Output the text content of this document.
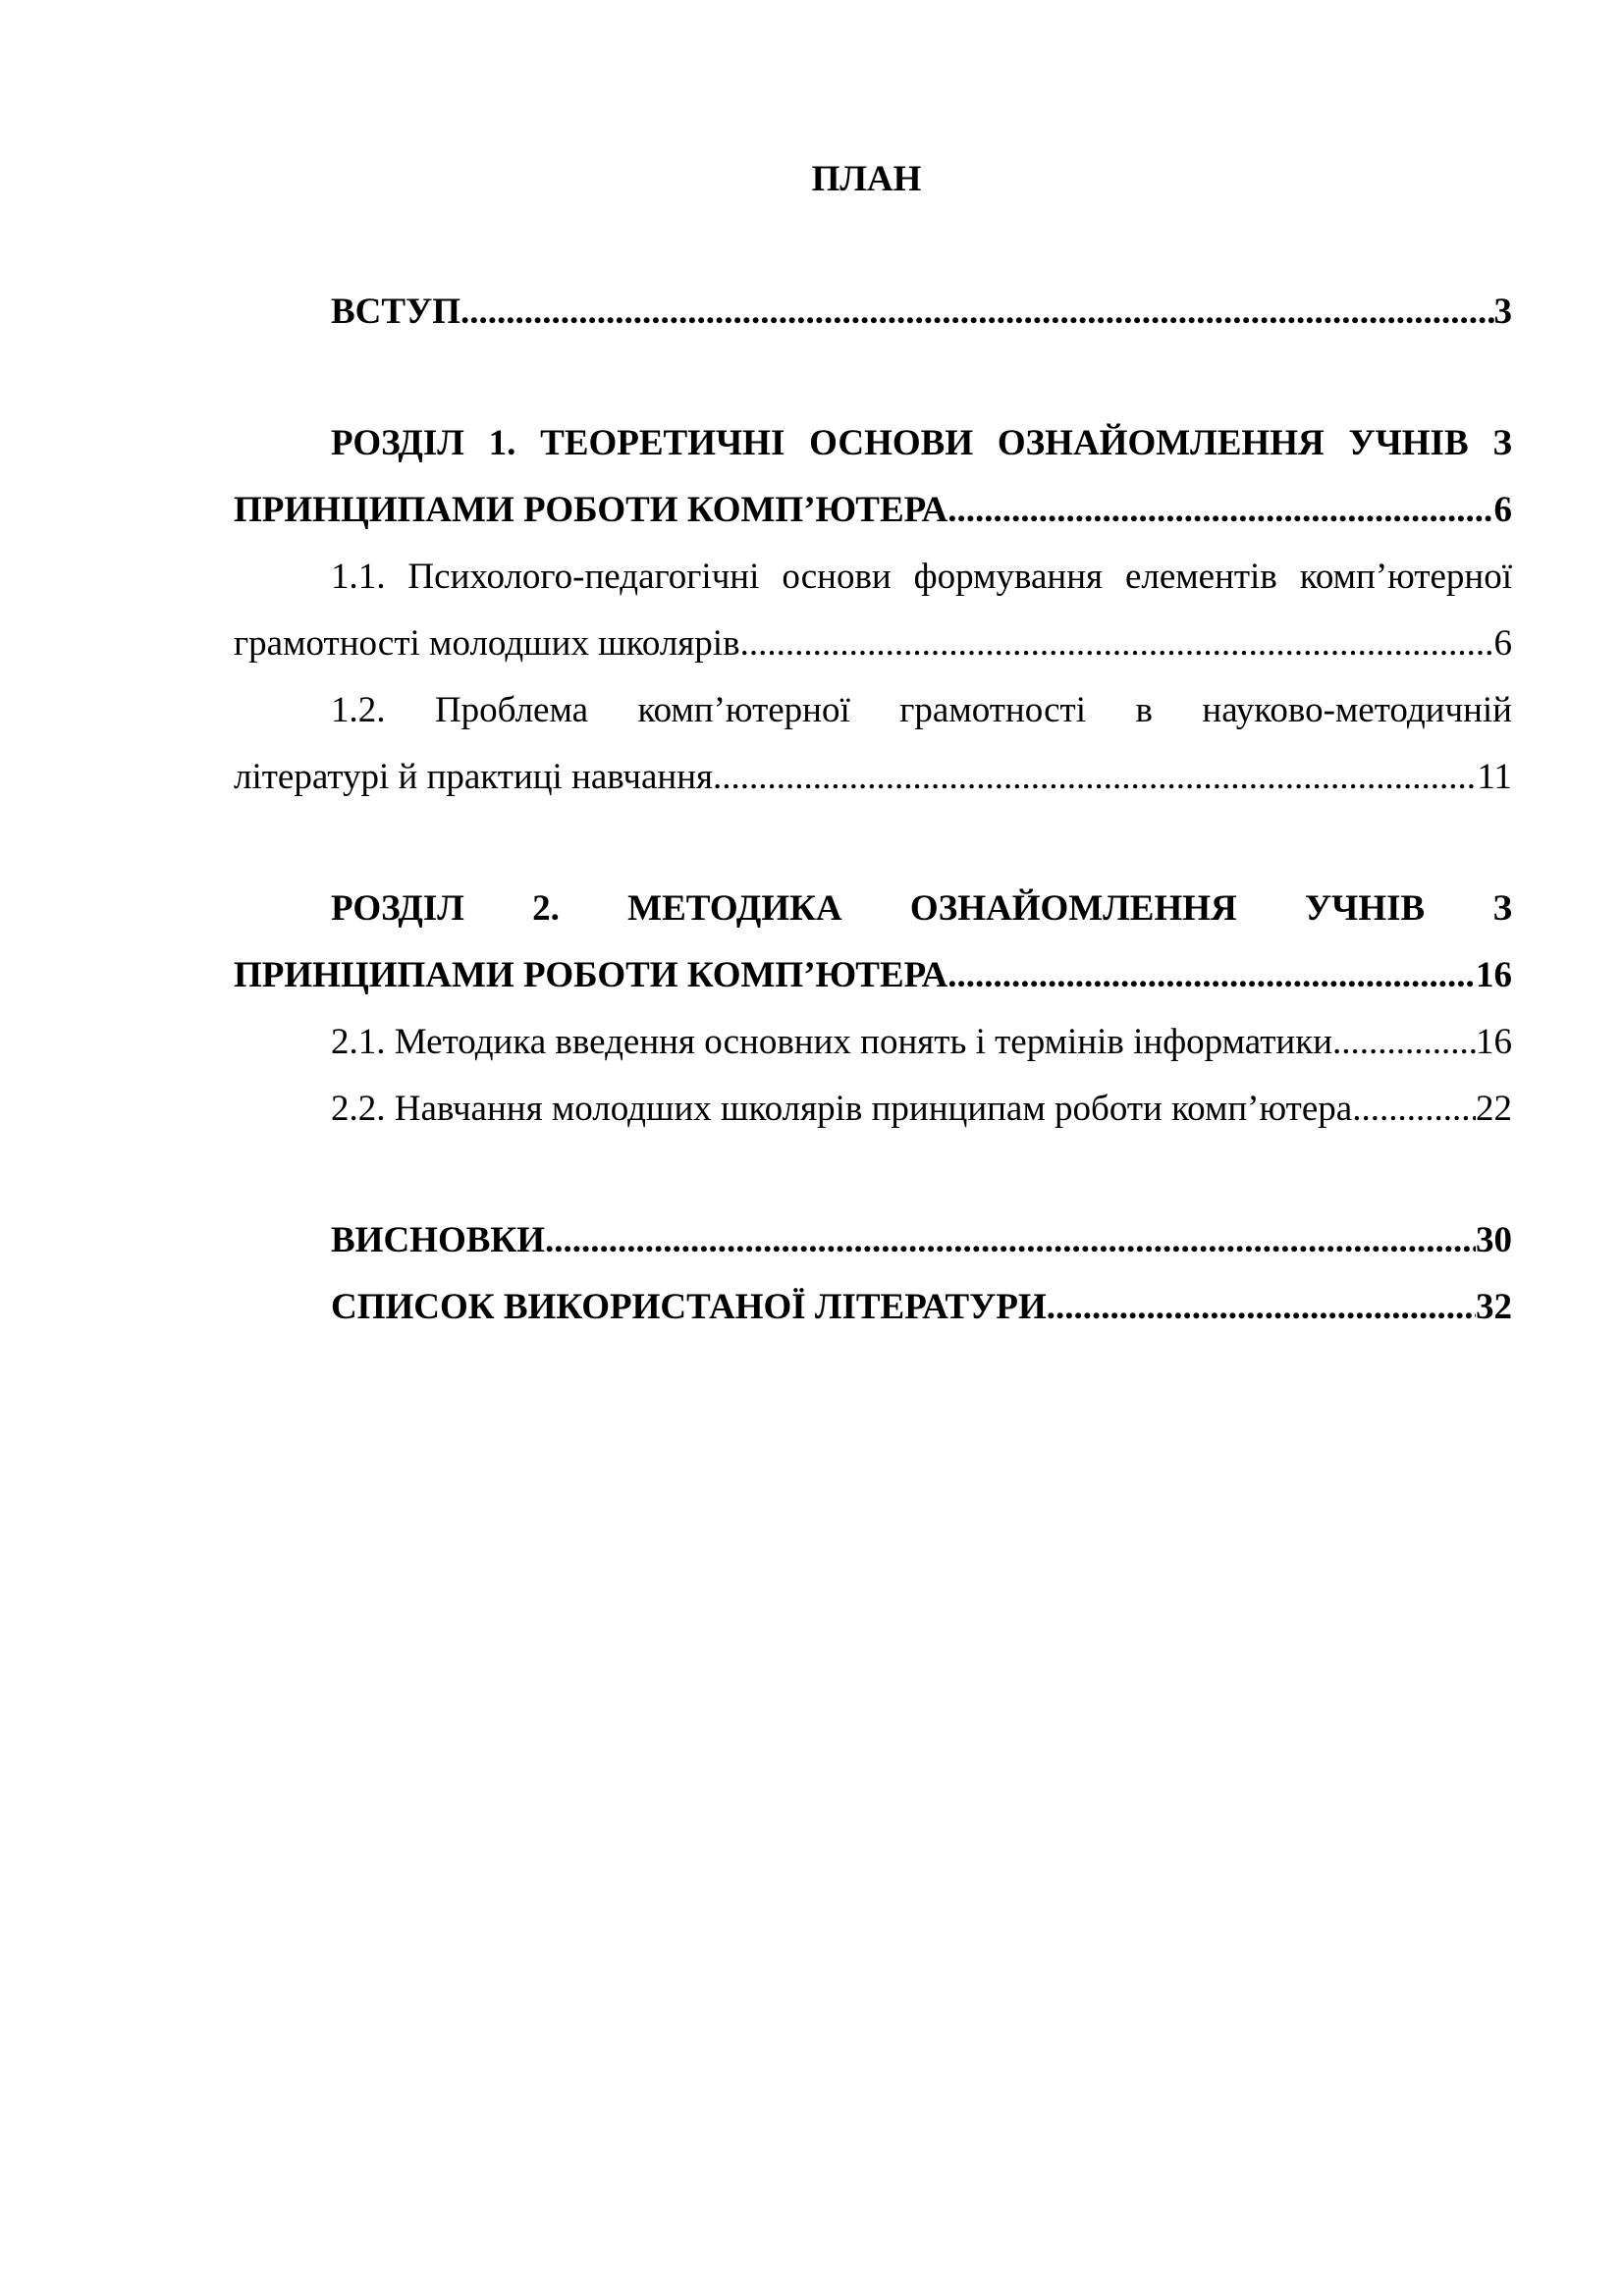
ПЛАН
ВСТУП .....	3
РОЗДІЛ 1. ТЕОРЕТИЧНІ ОСНОВИ ОЗНАЙОМЛЕННЯ УЧНІВ З
ПРИНЦИПАМИ РОБОТИ КОМП’ЮТЕРА .....	6
1.1. Психолого-педагогічні основи формування елементів комп’ютерної
грамотності молодших школярів .....	6
1.2. Проблема комп’ютерної грамотності в науково-методичній
літературі й практиці навчання .....	11
РОЗДІЛ 2. МЕТОДИКА ОЗНАЙОМЛЕННЯ УЧНІВ З
ПРИНЦИПАМИ РОБОТИ КОМП’ЮТЕРА .....	16
2.1. Методика введення основних понять і термінів інформатики .....	16
2.2. Навчання молодших школярів принципам роботи комп’ютера .....	22
ВИСНОВКИ .....	30
СПИСОК ВИКОРИСТАНОЇ ЛІТЕРАТУРИ .....	32
